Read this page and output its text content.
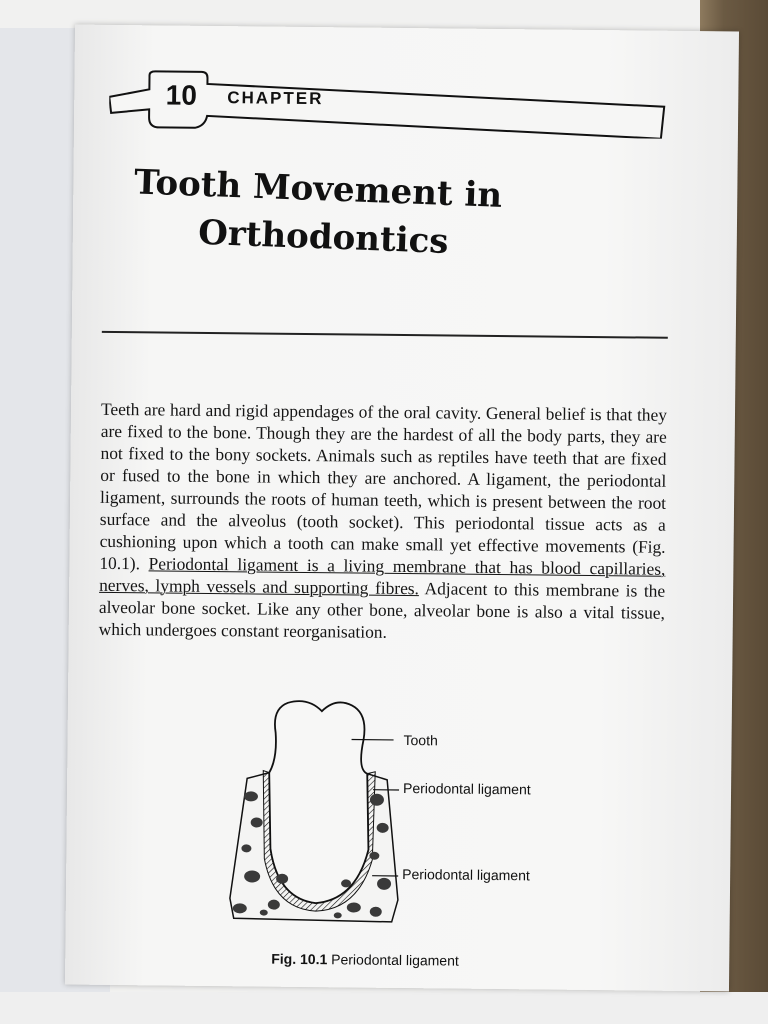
10	CHAPTER
Tooth Movement in
Orthodontics
Teeth are hard and rigid appendages of the oral cavity. General belief is that they are fixed to the bone. Though they are the hardest of all the body parts, they are not fixed to the bony sockets. Animals such as reptiles have teeth that are fixed or fused to the bone in which they are anchored. A ligament, the periodontal ligament, surrounds the roots of human teeth, which is present between the root surface and the alveolus (tooth socket). This periodontal tissue acts as a cushioning upon which a tooth can make small yet effective movements (Fig. 10.1). Periodontal ligament is a living membrane that has blood capillaries, nerves, lymph vessels and supporting fibres. Adjacent to this membrane is the alveolar bone socket. Like any other bone, alveolar bone is also a vital tissue, which undergoes constant reorganisation.
Tooth
Periodontal ligament
Periodontal ligament
Fig. 10.1 Periodontal ligament
